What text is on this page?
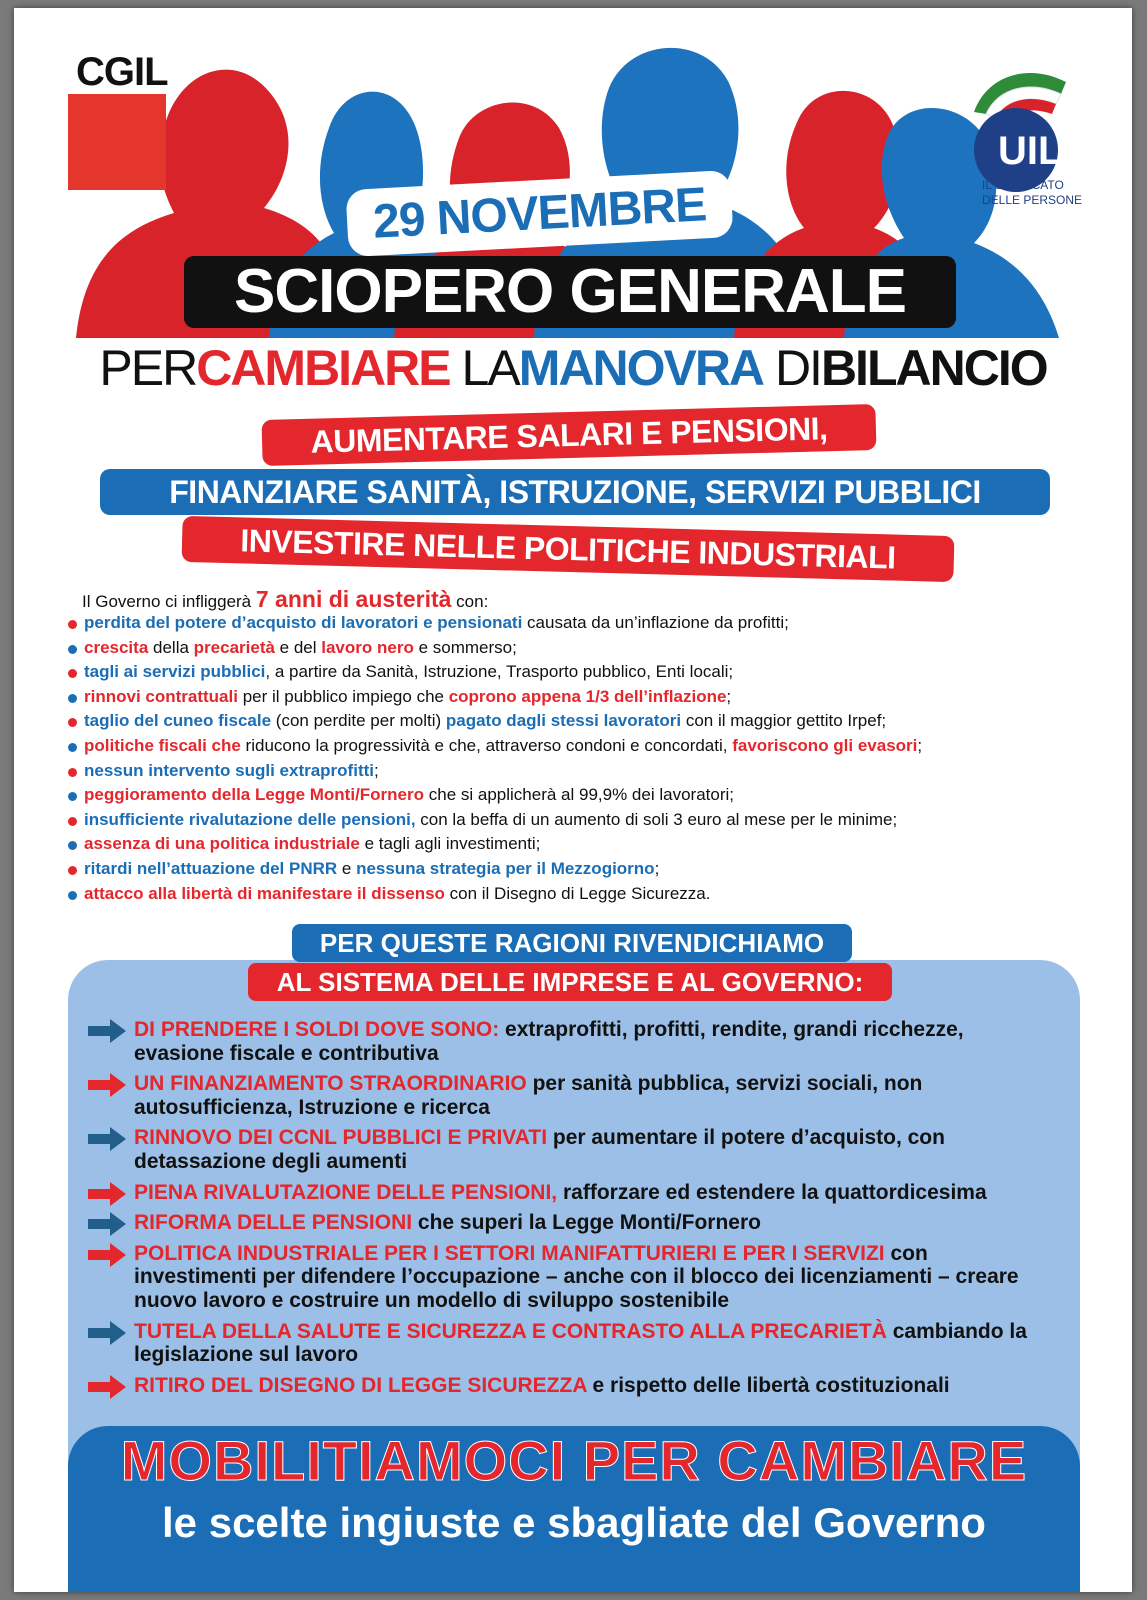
CGIL
UIL
IL SINDACATO
DELLE PERSONE
29 NOVEMBRE
SCIOPERO GENERALE
PERCAMBIARE LAMANOVRA DIBILANCIO
AUMENTARE SALARI E PENSIONI,
FINANZIARE SANITÀ, ISTRUZIONE, SERVIZI PUBBLICI
INVESTIRE NELLE POLITICHE INDUSTRIALI
Il Governo ci infliggerà 7 anni di austerità con:
perdita del potere d’acquisto di lavoratori e pensionati causata da un’inflazione da profitti;
crescita della precarietà e del lavoro nero e sommerso;
tagli ai servizi pubblici, a partire da Sanità, Istruzione, Trasporto pubblico, Enti locali;
rinnovi contrattuali per il pubblico impiego che coprono appena 1/3 dell’inflazione;
taglio del cuneo fiscale (con perdite per molti) pagato dagli stessi lavoratori con il maggior gettito Irpef;
politiche fiscali che riducono la progressività e che, attraverso condoni e concordati, favoriscono gli evasori;
nessun intervento sugli extraprofitti;
peggioramento della Legge Monti/Fornero che si applicherà al 99,9% dei lavoratori;
insufficiente rivalutazione delle pensioni, con la beffa di un aumento di soli 3 euro al mese per le minime;
assenza di una politica industriale e tagli agli investimenti;
ritardi nell’attuazione del PNRR e nessuna strategia per il Mezzogiorno;
attacco alla libertà di manifestare il dissenso con il Disegno di Legge Sicurezza.
PER QUESTE RAGIONI RIVENDICHIAMO
AL SISTEMA DELLE IMPRESE E AL GOVERNO:
DI PRENDERE I SOLDI DOVE SONO: extraprofitti, profitti, rendite, grandi ricchezze, evasione fiscale e contributiva
UN FINANZIAMENTO STRAORDINARIO per sanità pubblica, servizi sociali, non autosufficienza, Istruzione e ricerca
RINNOVO DEI CCNL PUBBLICI E PRIVATI per aumentare il potere d’acquisto, con detassazione degli aumenti
PIENA RIVALUTAZIONE DELLE PENSIONI, rafforzare ed estendere la quattordicesima
RIFORMA DELLE PENSIONI che superi la Legge Monti/Fornero
POLITICA INDUSTRIALE PER I SETTORI MANIFATTURIERI E PER I SERVIZI con investimenti per difendere l’occupazione – anche con il blocco dei licenziamenti – creare nuovo lavoro e costruire un modello di sviluppo sostenibile
TUTELA DELLA SALUTE E SICUREZZA E CONTRASTO ALLA PRECARIETÀ cambiando la legislazione sul lavoro
RITIRO DEL DISEGNO DI LEGGE SICUREZZA e rispetto delle libertà costituzionali
MOBILITIAMOCI PER CAMBIARE
le scelte ingiuste e sbagliate del Governo
